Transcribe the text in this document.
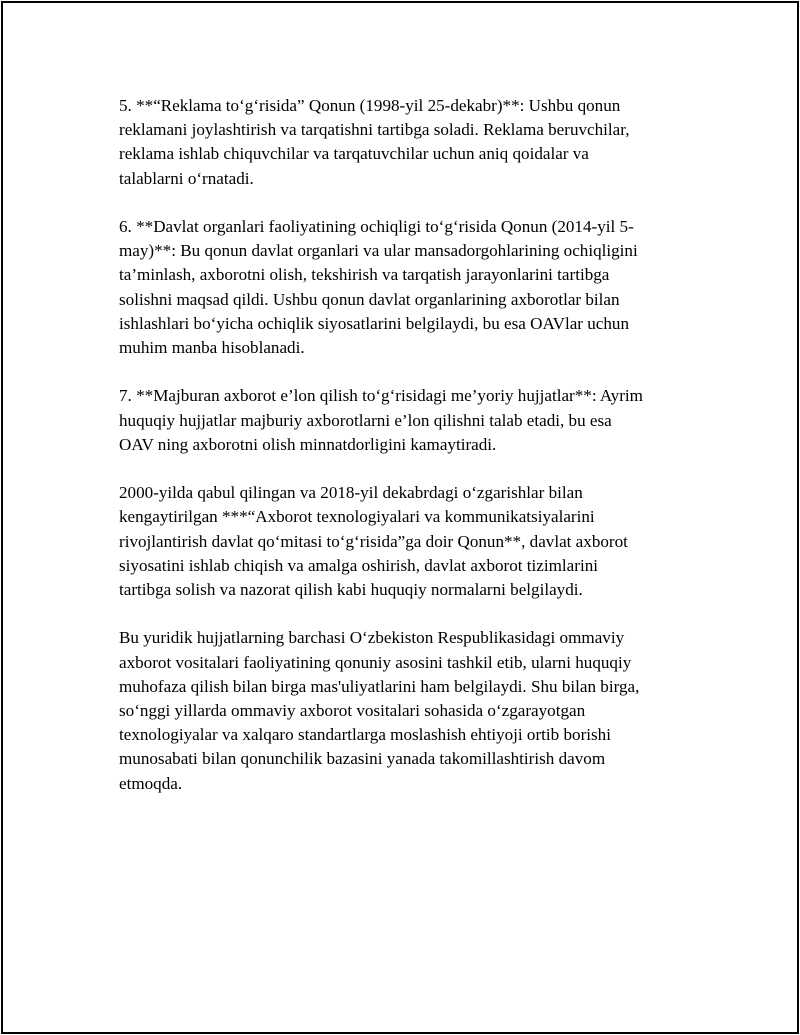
5. **“Reklama to‘g‘risida” Qonun (1998-yil 25-dekabr)**: Ushbu qonun
reklamani joylashtirish va tarqatishni tartibga soladi. Reklama beruvchilar,
reklama ishlab chiquvchilar va tarqatuvchilar uchun aniq qoidalar va
talablarni o‘rnatadi.

6. **Davlat organlari faoliyatining ochiqligi to‘g‘risida Qonun (2014-yil 5-
may)**: Bu qonun davlat organlari va ular mansadorgohlarining ochiqligini
ta’minlash, axborotni olish, tekshirish va tarqatish jarayonlarini tartibga
solishni maqsad qildi. Ushbu qonun davlat organlarining axborotlar bilan
ishlashlari bo‘yicha ochiqlik siyosatlarini belgilaydi, bu esa OAVlar uchun
muhim manba hisoblanadi.

7. **Majburan axborot e’lon qilish to‘g‘risidagi me’yoriy hujjatlar**: Ayrim
huquqiy hujjatlar majburiy axborotlarni e’lon qilishni talab etadi, bu esa
OAV ning axborotni olish minnatdorligini kamaytiradi.

2000-yilda qabul qilingan va 2018-yil dekabrdagi o‘zgarishlar bilan
kengaytirilgan ***“Axborot texnologiyalari va kommunikatsiyalarini
rivojlantirish davlat qo‘mitasi to‘g‘risida”ga doir Qonun**, davlat axborot
siyosatini ishlab chiqish va amalga oshirish, davlat axborot tizimlarini
tartibga solish va nazorat qilish kabi huquqiy normalarni belgilaydi.

Bu yuridik hujjatlarning barchasi O‘zbekiston Respublikasidagi ommaviy
axborot vositalari faoliyatining qonuniy asosini tashkil etib, ularni huquqiy
muhofaza qilish bilan birga mas'uliyatlarini ham belgilaydi. Shu bilan birga,
so‘nggi yillarda ommaviy axborot vositalari sohasida o‘zgarayotgan
texnologiyalar va xalqaro standartlarga moslashish ehtiyoji ortib borishi
munosabati bilan qonunchilik bazasini yanada takomillashtirish davom
etmoqda.
